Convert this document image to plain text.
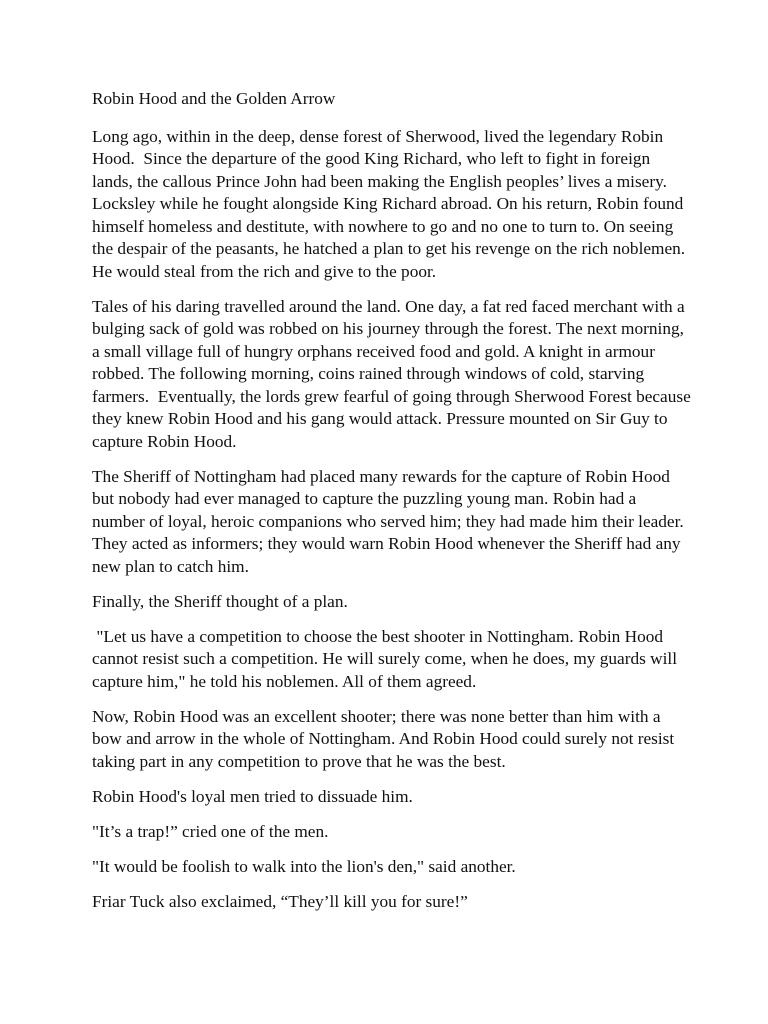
Robin Hood and the Golden Arrow

Long ago, within in the deep, dense forest of Sherwood, lived the legendary Robin Hood.  Since the departure of the good King Richard, who left to fight in foreign lands, the callous Prince John had been making the English peoples’ lives a misery. Locksley while he fought alongside King Richard abroad. On his return, Robin found himself homeless and destitute, with nowhere to go and no one to turn to. On seeing the despair of the peasants, he hatched a plan to get his revenge on the rich noblemen. He would steal from the rich and give to the poor.

Tales of his daring travelled around the land. One day, a fat red faced merchant with a bulging sack of gold was robbed on his journey through the forest. The next morning, a small village full of hungry orphans received food and gold. A knight in armour robbed. The following morning, coins rained through windows of cold, starving farmers.  Eventually, the lords grew fearful of going through Sherwood Forest because they knew Robin Hood and his gang would attack. Pressure mounted on Sir Guy to capture Robin Hood.

The Sheriff of Nottingham had placed many rewards for the capture of Robin Hood but nobody had ever managed to capture the puzzling young man. Robin had a number of loyal, heroic companions who served him; they had made him their leader. They acted as informers; they would warn Robin Hood whenever the Sheriff had any new plan to catch him.

Finally, the Sheriff thought of a plan.

"Let us have a competition to choose the best shooter in Nottingham. Robin Hood cannot resist such a competition. He will surely come, when he does, my guards will capture him," he told his noblemen. All of them agreed.

Now, Robin Hood was an excellent shooter; there was none better than him with a bow and arrow in the whole of Nottingham. And Robin Hood could surely not resist taking part in any competition to prove that he was the best.

Robin Hood's loyal men tried to dissuade him.

"It’s a trap!” cried one of the men.

"It would be foolish to walk into the lion's den," said another.

Friar Tuck also exclaimed, “They’ll kill you for sure!”
